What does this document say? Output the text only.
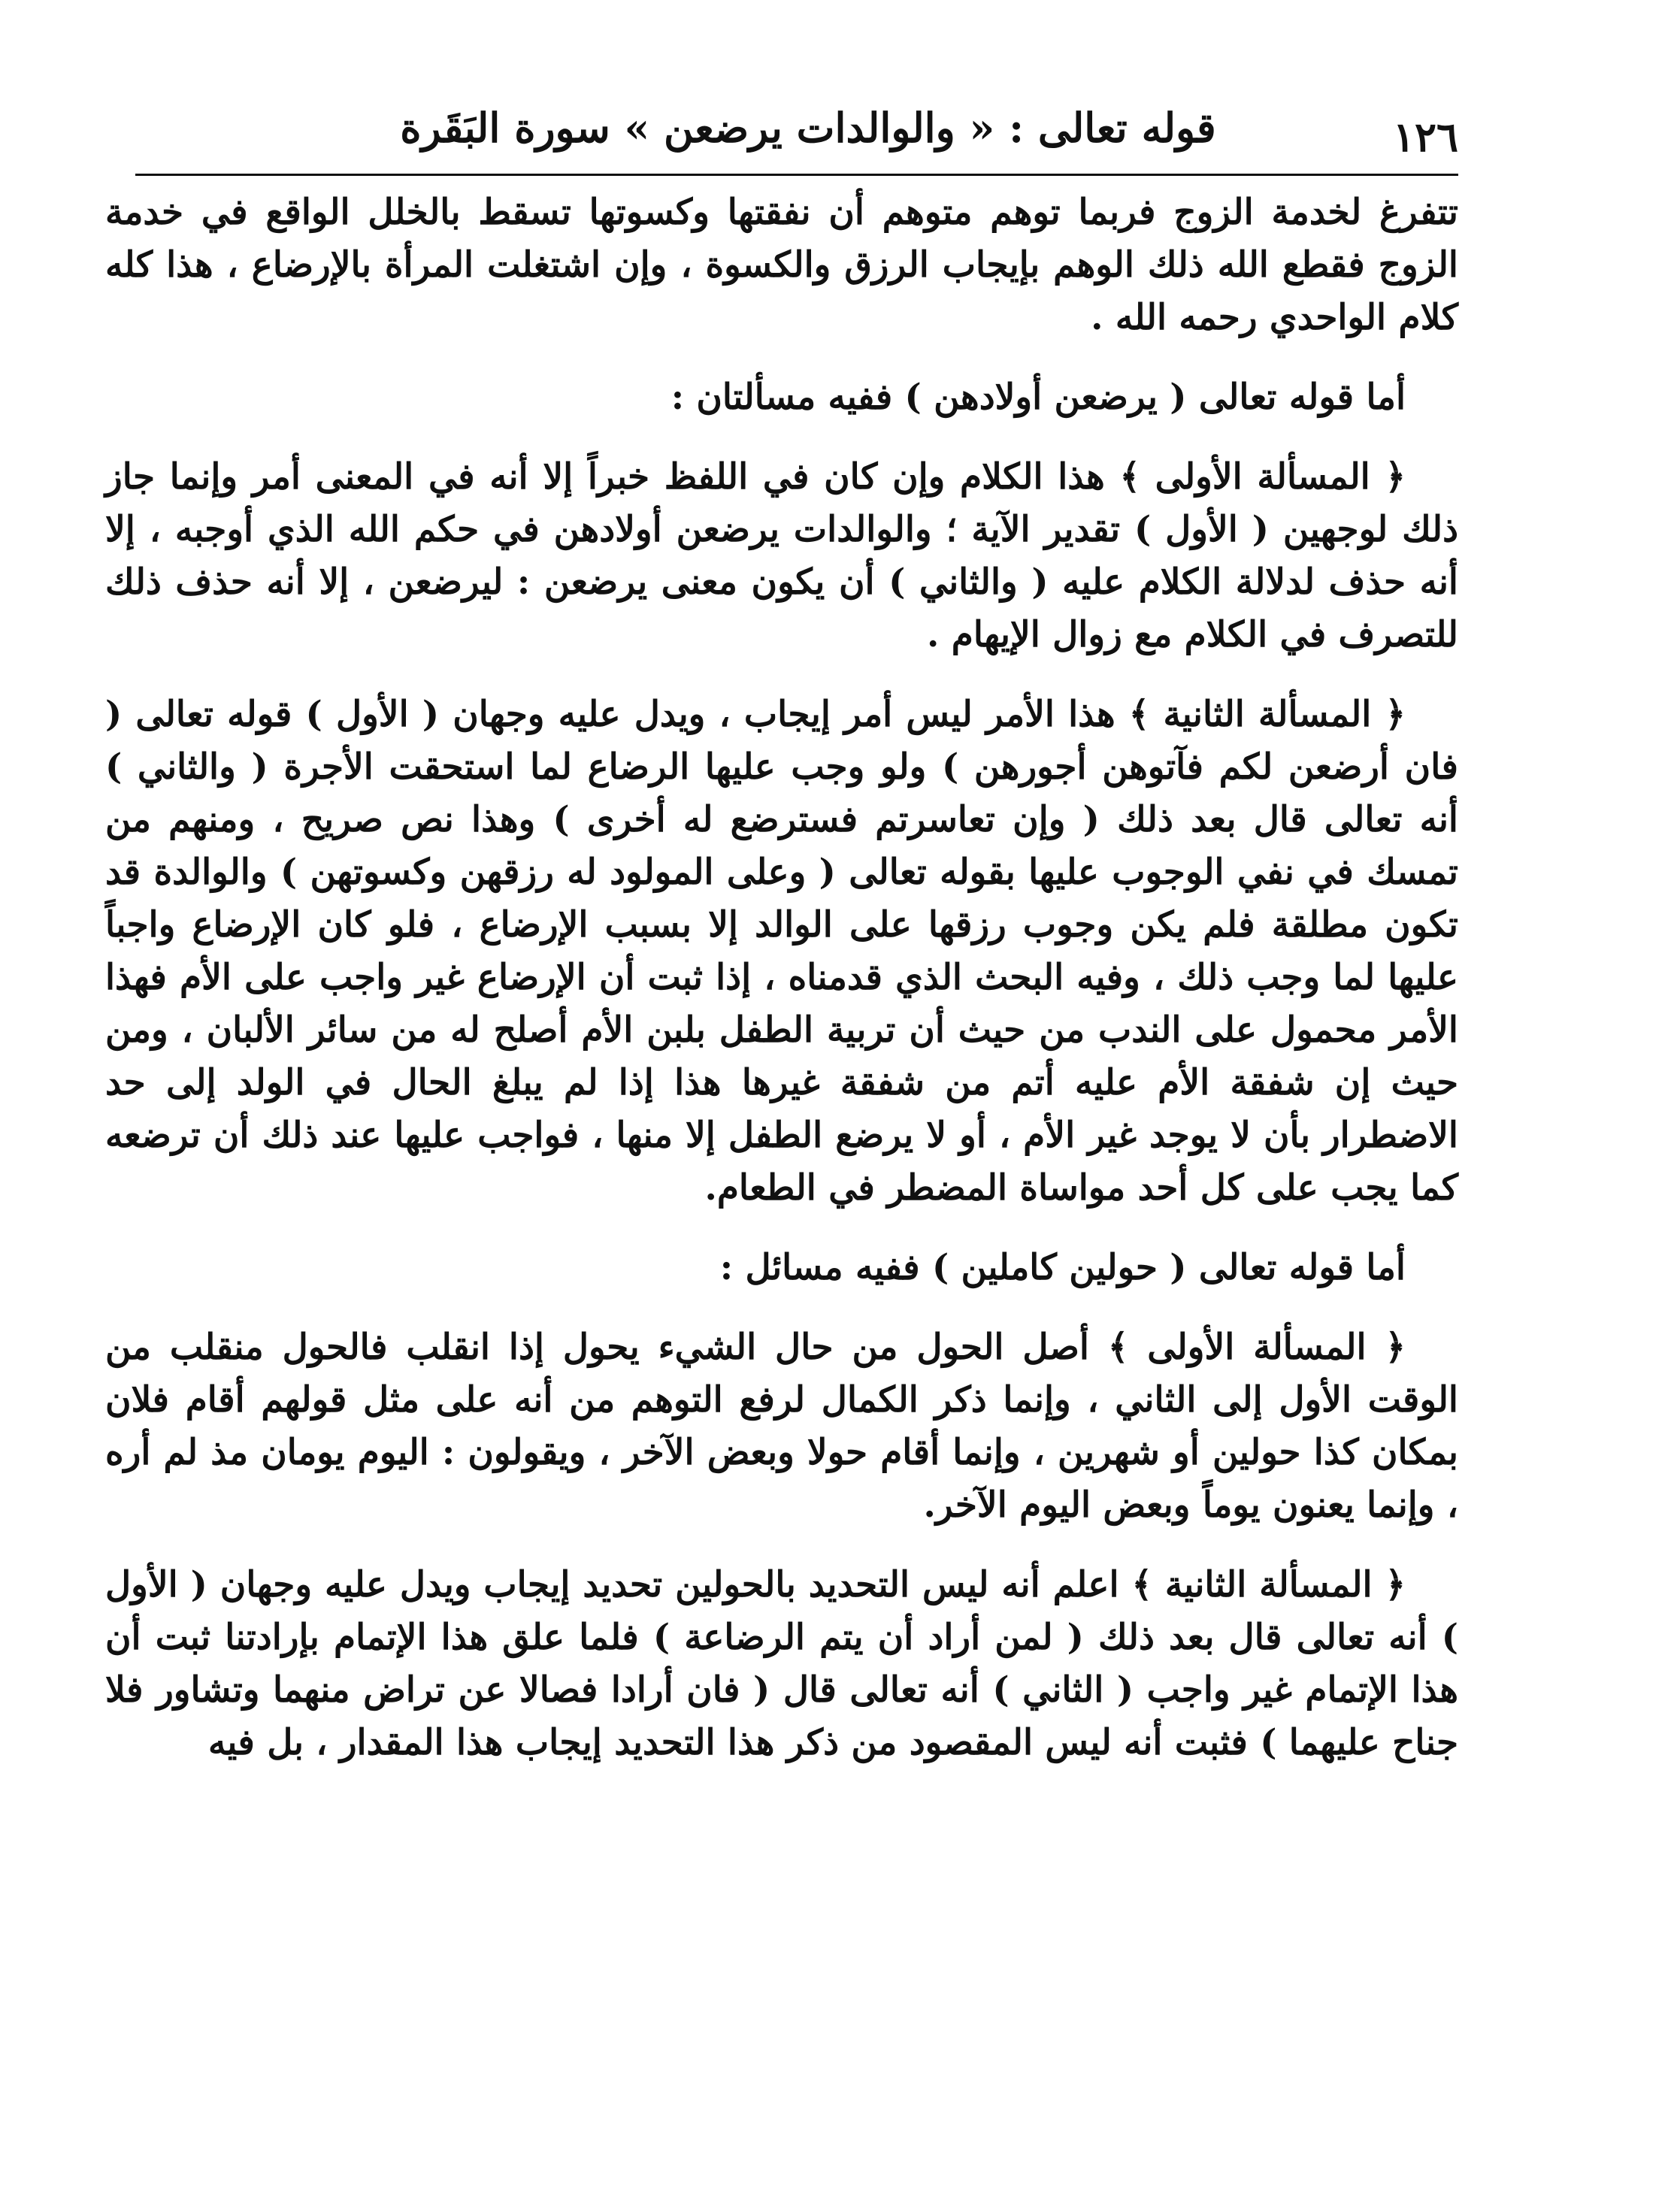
١٢٦
قوله تعالى : « والوالدات يرضعن » سورة البَقَرة

تتفرغ لخدمة الزوج فربما توهم متوهم أن نفقتها وكسوتها تسقط بالخلل الواقع في خدمة الزوج فقطع الله ذلك الوهم بإيجاب الرزق والكسوة ، وإن اشتغلت المرأة بالإرضاع ، هذا كله كلام الواحدي رحمه الله .

أما قوله تعالى ( يرضعن أولادهن ) ففيه مسألتان :

﴿ المسألة الأولى ﴾ هذا الكلام وإن كان في اللفظ خبراً إلا أنه في المعنى أمر وإنما جاز ذلك لوجهين ( الأول ) تقدير الآية ؛ والوالدات يرضعن أولادهن في حكم الله الذي أوجبه ، إلا أنه حذف لدلالة الكلام عليه ( والثاني ) أن يكون معنى يرضعن : ليرضعن ، إلا أنه حذف ذلك للتصرف في الكلام مع زوال الإيهام .

﴿ المسألة الثانية ﴾ هذا الأمر ليس أمر إيجاب ، ويدل عليه وجهان ( الأول ) قوله تعالى ( فان أرضعن لكم فآتوهن أجورهن ) ولو وجب عليها الرضاع لما استحقت الأجرة ( والثاني ) أنه تعالى قال بعد ذلك ( وإن تعاسرتم فسترضع له أخرى ) وهذا نص صريح ، ومنهم من تمسك في نفي الوجوب عليها بقوله تعالى ( وعلى المولود له رزقهن وكسوتهن ) والوالدة قد تكون مطلقة فلم يكن وجوب رزقها على الوالد إلا بسبب الإرضاع ، فلو كان الإرضاع واجباً عليها لما وجب ذلك ، وفيه البحث الذي قدمناه ، إذا ثبت أن الإرضاع غير واجب على الأم فهذا الأمر محمول على الندب من حيث أن تربية الطفل بلبن الأم أصلح له من سائر الألبان ، ومن حيث إن شفقة الأم عليه أتم من شفقة غيرها هذا إذا لم يبلغ الحال في الولد إلى حد الاضطرار بأن لا يوجد غير الأم ، أو لا يرضع الطفل إلا منها ، فواجب عليها عند ذلك أن ترضعه كما يجب على كل أحد مواساة المضطر في الطعام.

أما قوله تعالى ( حولين كاملين ) ففيه مسائل :

﴿ المسألة الأولى ﴾ أصل الحول من حال الشيء يحول إذا انقلب فالحول منقلب من الوقت الأول إلى الثاني ، وإنما ذكر الكمال لرفع التوهم من أنه على مثل قولهم أقام فلان بمكان كذا حولين أو شهرين ، وإنما أقام حولا وبعض الآخر ، ويقولون : اليوم يومان مذ لم أره ، وإنما يعنون يوماً وبعض اليوم الآخر.

﴿ المسألة الثانية ﴾ اعلم أنه ليس التحديد بالحولين تحديد إيجاب ويدل عليه وجهان ( الأول ) أنه تعالى قال بعد ذلك ( لمن أراد أن يتم الرضاعة ) فلما علق هذا الإتمام بإرادتنا ثبت أن هذا الإتمام غير واجب ( الثاني ) أنه تعالى قال ( فان أرادا فصالا عن تراض منهما وتشاور فلا جناح عليهما ) فثبت أنه ليس المقصود من ذكر هذا التحديد إيجاب هذا المقدار ، بل فيه
